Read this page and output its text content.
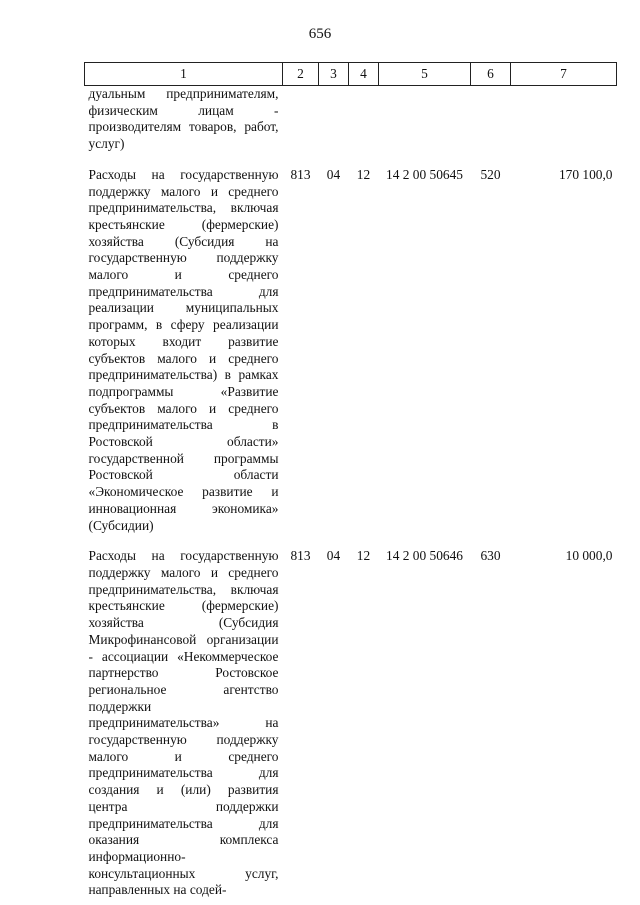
656
1	2	3	4	5	6	7
дуальным предпринимателям, физическим лицам - производителям товаров, работ, услуг)						

Расходы на государственную поддержку малого и среднего предпринимательства, включая крестьянские (фермерские) хозяйства (Субсидия на государственную поддержку малого и среднего предпринимательства для реализации муниципальных программ, в сферу реализации которых входит развитие субъектов малого и среднего предпринимательства) в рамках подпрограммы «Развитие субъектов малого и среднего предпринимательства в Ростовской области» государственной программы Ростовской области «Экономическое развитие и инновационная экономика» (Субсидии)	813	04	12	14 2 00 50645	520	170 100,0

Расходы на государственную поддержку малого и среднего предпринимательства, включая крестьянские (фермерские) хозяйства (Субсидия Микрофинансовой организации - ассоциации «Некоммерческое партнерство Ростовское региональное агентство поддержки предпринимательства» на государственную поддержку малого и среднего предпринимательства для создания и (или) развития центра поддержки предпринимательства для оказания комплекса информационно-консультационных услуг, направленных на содей-	813	04	12	14 2 00 50646	630	10 000,0
